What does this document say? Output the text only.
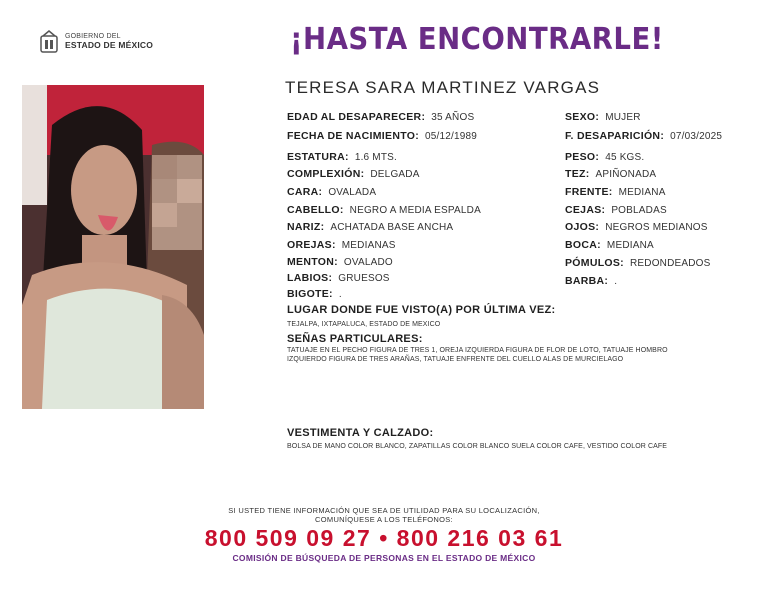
GOBIERNO DEL
ESTADO DE MÉXICO	¡HASTA ENCONTRARLE!
TERESA SARA MARTINEZ VARGAS
EDAD AL DESAPARECER: 35 AÑOS
FECHA DE NACIMIENTO: 05/12/1989
ESTATURA: 1.6 MTS.
COMPLEXIÓN: DELGADA
CARA: OVALADA
CABELLO: NEGRO A MEDIA ESPALDA
NARIZ: ACHATADA BASE ANCHA
OREJAS: MEDIANAS
MENTON: OVALADO
LABIOS: GRUESOS
BIGOTE: .
SEXO: MUJER
F. DESAPARICIÓN: 07/03/2025
PESO: 45 KGS.
TEZ: APIÑONADA
FRENTE: MEDIANA
CEJAS: POBLADAS
OJOS: NEGROS MEDIANOS
BOCA: MEDIANA
PÓMULOS: REDONDEADOS
BARBA: .
LUGAR DONDE FUE VISTO(A) POR ÚLTIMA VEZ:
TEJALPA, IXTAPALUCA, ESTADO DE MEXICO
SEÑAS PARTICULARES:
TATUAJE EN EL PECHO FIGURA DE TRES 1, OREJA IZQUIERDA FIGURA DE FLOR DE LOTO, TATUAJE HOMBRO
IZQUIERDO FIGURA DE TRES ARAÑAS, TATUAJE ENFRENTE DEL CUELLO ALAS DE MURCIELAGO
VESTIMENTA Y CALZADO:
BOLSA DE MANO COLOR BLANCO, ZAPATILLAS COLOR BLANCO SUELA COLOR CAFE, VESTIDO COLOR CAFE
SI USTED TIENE INFORMACIÓN QUE SEA DE UTILIDAD PARA SU LOCALIZACIÓN,
COMUNÍQUESE A LOS TELÉFONOS:
800 509 09 27 • 800 216 03 61
COMISIÓN DE BÚSQUEDA DE PERSONAS EN EL ESTADO DE MÉXICO
